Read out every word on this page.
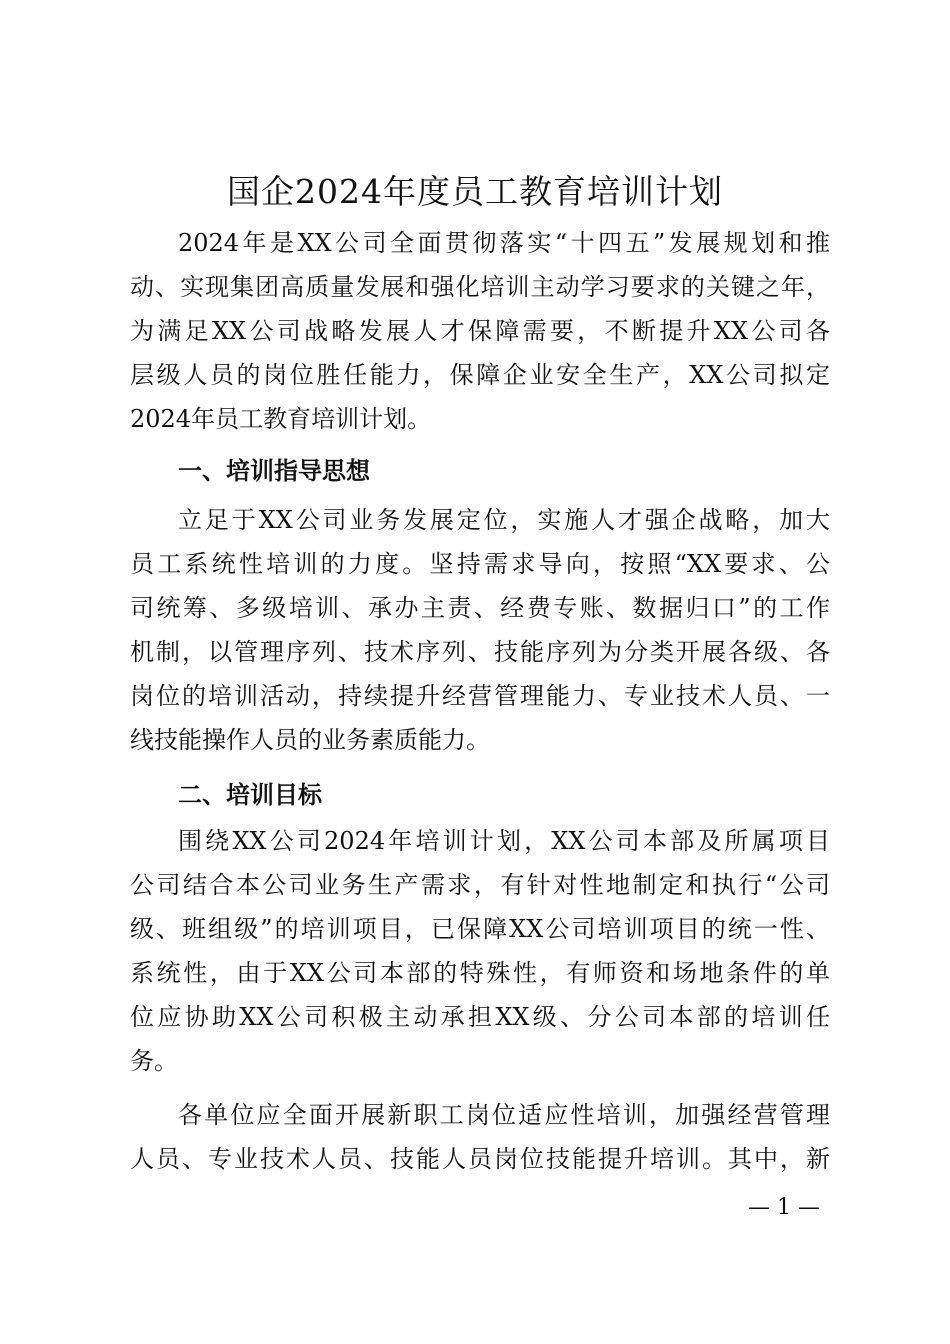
国企2024年度员工教育培训计划
2024年是XX公司全面贯彻落实“十四五”发展规划和推
动、实现集团高质量发展和强化培训主动学习要求的关键之年，
为满足XX公司战略发展人才保障需要，不断提升XX公司各
层级人员的岗位胜任能力，保障企业安全生产，XX公司拟定
2024年员工教育培训计划。
一、培训指导思想
立足于XX公司业务发展定位，实施人才强企战略，加大
员工系统性培训的力度。坚持需求导向，按照“XX要求、公
司统筹、多级培训、承办主责、经费专账、数据归口”的工作
机制，以管理序列、技术序列、技能序列为分类开展各级、各
岗位的培训活动，持续提升经营管理能力、专业技术人员、一
线技能操作人员的业务素质能力。
二、培训目标
围绕XX公司2024年培训计划，XX公司本部及所属项目
公司结合本公司业务生产需求，有针对性地制定和执行“公司
级、班组级”的培训项目，已保障XX公司培训项目的统一性、
系统性，由于XX公司本部的特殊性，有师资和场地条件的单
位应协助XX公司积极主动承担XX级、分公司本部的培训任
务。
各单位应全面开展新职工岗位适应性培训，加强经营管理
人员、专业技术人员、技能人员岗位技能提升培训。其中，新
— 1 —
